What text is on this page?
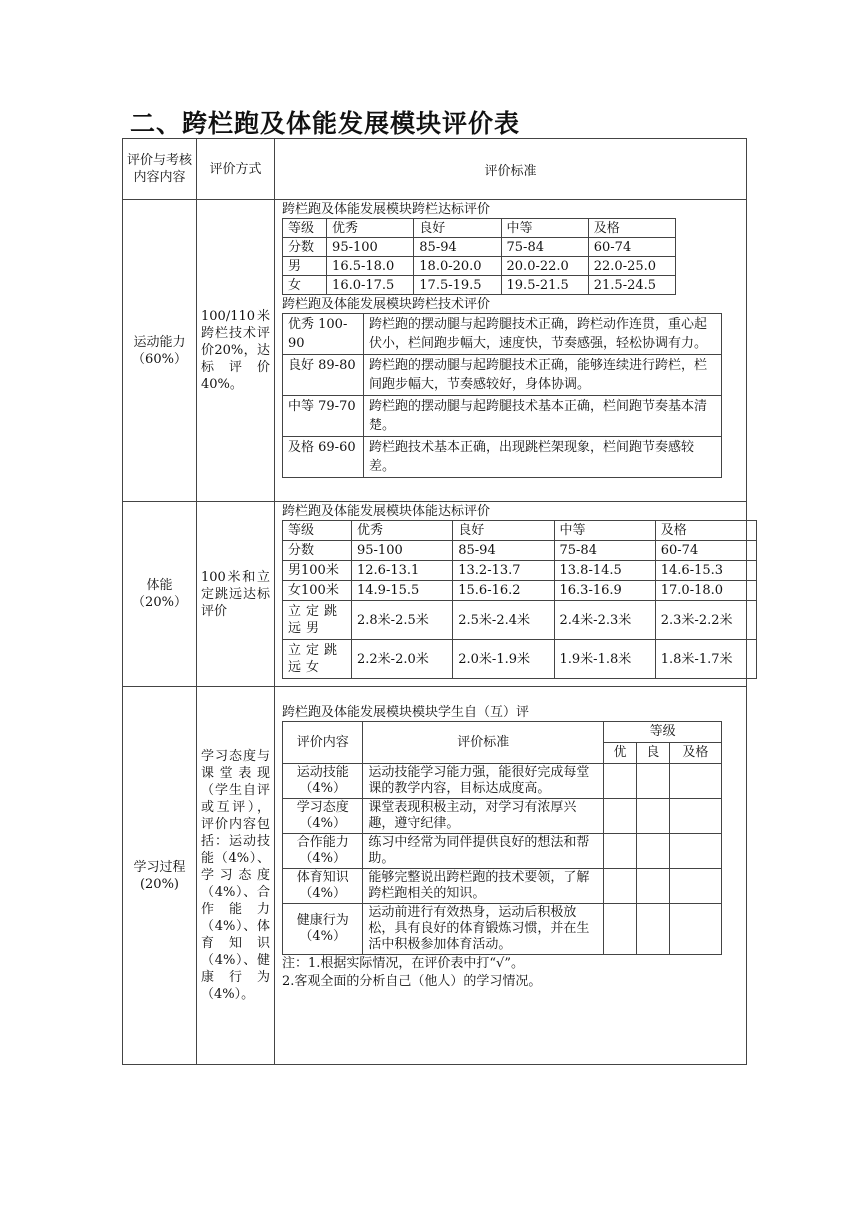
二、跨栏跑及体能发展模块评价表
评价与考核内容内容	评价方式	评价标准
运动能力（60%）	100/110米跨栏技术评价20%，达标评价40%。	
跨栏跑及体能发展模块跨栏达标评价
等级	优秀	良好	中等	及格
分数	95-100	85-94	75-84	60-74
男	16.5-18.0	18.0-20.0	20.0-22.0	22.0-25.0
女	16.0-17.5	17.5-19.5	19.5-21.5	21.5-24.5
跨栏跑及体能发展模块跨栏技术评价
优秀 100-90	跨栏跑的摆动腿与起跨腿技术正确，跨栏动作连贯，重心起伏小，栏间跑步幅大，速度快，节奏感强，轻松协调有力。
良好 89-80	跨栏跑的摆动腿与起跨腿技术正确，能够连续进行跨栏，栏间跑步幅大，节奏感较好，身体协调。
中等 79-70	跨栏跑的摆动腿与起跨腿技术基本正确，栏间跑节奏基本清楚。
及格 69-60	跨栏跑技术基本正确，出现跳栏架现象，栏间跑节奏感较差。

体能（20%）	100米和立定跳远达标评价	
跨栏跑及体能发展模块体能达标评价
等级	优秀	良好	中等	及格
分数	95-100	85-94	75-84	60-74
男100米	12.6-13.1	13.2-13.7	13.8-14.5	14.6-15.3
女100米	14.9-15.5	15.6-16.2	16.3-16.9	17.0-18.0
立定跳远男	2.8米-2.5米	2.5米-2.4米	2.4米-2.3米	2.3米-2.2米
立定跳远女	2.2米-2.0米	2.0米-1.9米	1.9米-1.8米	1.8米-1.7米

学习过程(20%)	学习态度与课堂表现（学生自评或互评），评价内容包括：运动技能（4%）、学习态度（4%）、合作能力（4%）、体育知识（4%）、健康行为（4%）。	
跨栏跑及体能发展模块模块学生自（互）评
评价内容	评价标准	等级
优	良	及格
运动技能（4%）	运动技能学习能力强，能很好完成每堂课的教学内容，目标达成度高。			
学习态度（4%）	课堂表现积极主动，对学习有浓厚兴趣，遵守纪律。			
合作能力（4%）	练习中经常为同伴提供良好的想法和帮助。			
体育知识（4%）	能够完整说出跨栏跑的技术要领，了解跨栏跑相关的知识。			
健康行为（4%）	运动前进行有效热身，运动后积极放松，具有良好的体育锻炼习惯，并在生活中积极参加体育活动。			
注：1.根据实际情况，在评价表中打“√”。
2.客观全面的分析自己（他人）的学习情况。
